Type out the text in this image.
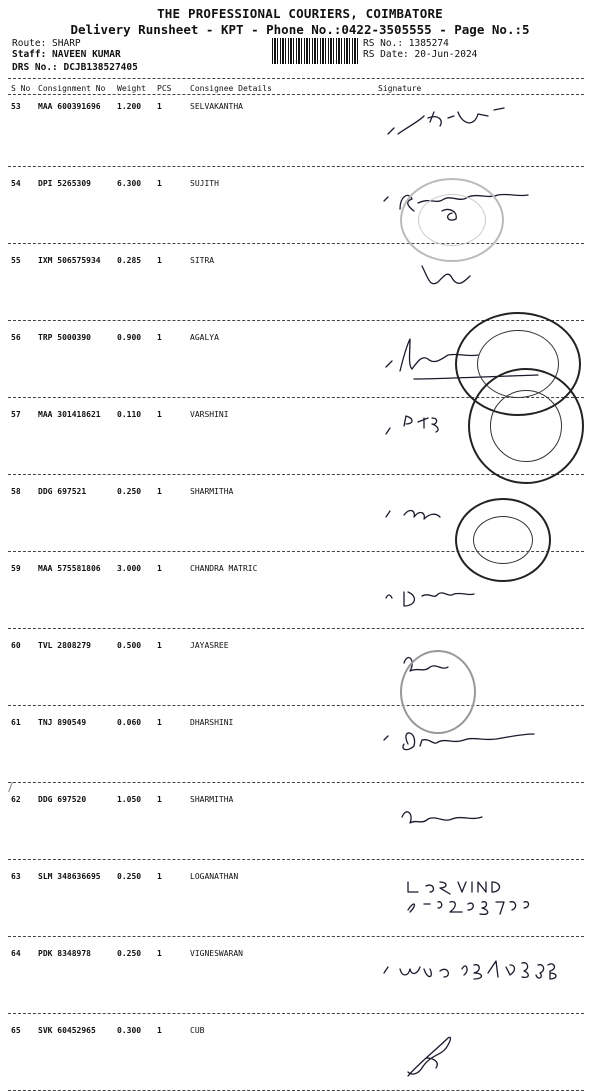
THE PROFESSIONAL COURIERS, COIMBATORE
Delivery Runsheet - KPT - Phone No.:0422-3505555 - Page No.:5
Route: SHARP
Staff: NAVEEN KUMAR
DRS No.: DCJB138527405
RS No.: 1385274
RS Date: 20-Jun-2024
S No Consignment No Weight PCS Consignee Details	Signature
53 MAA 600391696 1.200 1	SELVAKANTHA
54 DPI 5265309	6.300 1	SUJITH
55 IXM 506575934 0.285 1	SITRA
56 TRP 5000390	0.900 1	AGALYA
57 MAA 301418621 0.110 1	VARSHINI
58 DDG 697521	0.250 1	SHARMITHA
59 MAA 575581806 3.000 1	CHANDRA MATRIC
60 TVL 2808279	0.500 1	JAYASREE
61 TNJ 890549	0.060 1	DHARSHINI
62 DDG 697520	1.050 1	SHARMITHA
63 SLM 348636695 0.250 1	LOGANATHAN
64 PDK 8348978	0.250 1	VIGNESWARAN
65 SVK 60452965	0.300 1	CUB
